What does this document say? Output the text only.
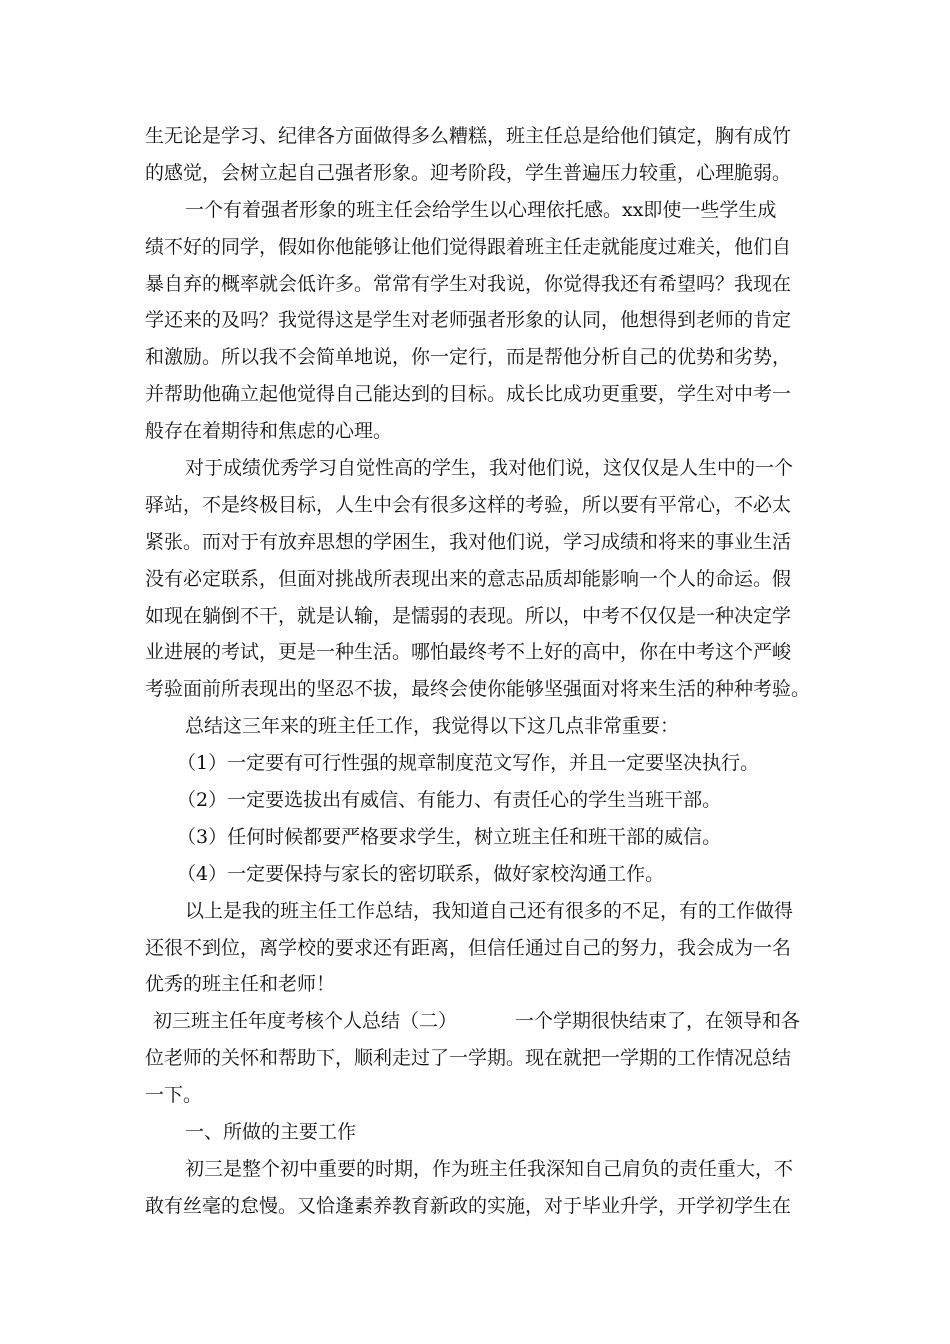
生无论是学习、纪律各方面做得多么糟糕，班主任总是给他们镇定，胸有成竹
的感觉，会树立起自己强者形象。迎考阶段，学生普遍压力较重，心理脆弱。
一个有着强者形象的班主任会给学生以心理依托感。xx即使一些学生成
绩不好的同学，假如你他能够让他们觉得跟着班主任走就能度过难关，他们自
暴自弃的概率就会低许多。常常有学生对我说，你觉得我还有希望吗？我现在
学还来的及吗？我觉得这是学生对老师强者形象的认同，他想得到老师的肯定
和激励。所以我不会简单地说，你一定行，而是帮他分析自己的优势和劣势，
并帮助他确立起他觉得自己能达到的目标。成长比成功更重要，学生对中考一
般存在着期待和焦虑的心理。
对于成绩优秀学习自觉性高的学生，我对他们说，这仅仅是人生中的一个
驿站，不是终极目标，人生中会有很多这样的考验，所以要有平常心，不必太
紧张。而对于有放弃思想的学困生，我对他们说，学习成绩和将来的事业生活
没有必定联系，但面对挑战所表现出来的意志品质却能影响一个人的命运。假
如现在躺倒不干，就是认输，是懦弱的表现。所以，中考不仅仅是一种决定学
业进展的考试，更是一种生活。哪怕最终考不上好的高中，你在中考这个严峻
考验面前所表现出的坚忍不拔，最终会使你能够坚强面对将来生活的种种考验。
总结这三年来的班主任工作，我觉得以下这几点非常重要：
（1）一定要有可行性强的规章制度范文写作，并且一定要坚决执行。
（2）一定要选拔出有威信、有能力、有责任心的学生当班干部。
（3）任何时候都要严格要求学生，树立班主任和班干部的威信。
（4）一定要保持与家长的密切联系，做好家校沟通工作。
以上是我的班主任工作总结，我知道自己还有很多的不足，有的工作做得
还很不到位，离学校的要求还有距离，但信任通过自己的努力，我会成为一名
优秀的班主任和老师！
初三班主任年度考核个人总结（二）	一个学期很快结束了，在领导和各
位老师的关怀和帮助下，顺利走过了一学期。现在就把一学期的工作情况总结
一下。
一、所做的主要工作
初三是整个初中重要的时期，作为班主任我深知自己肩负的责任重大，不
敢有丝毫的怠慢。又恰逢素养教育新政的实施，对于毕业升学，开学初学生在
